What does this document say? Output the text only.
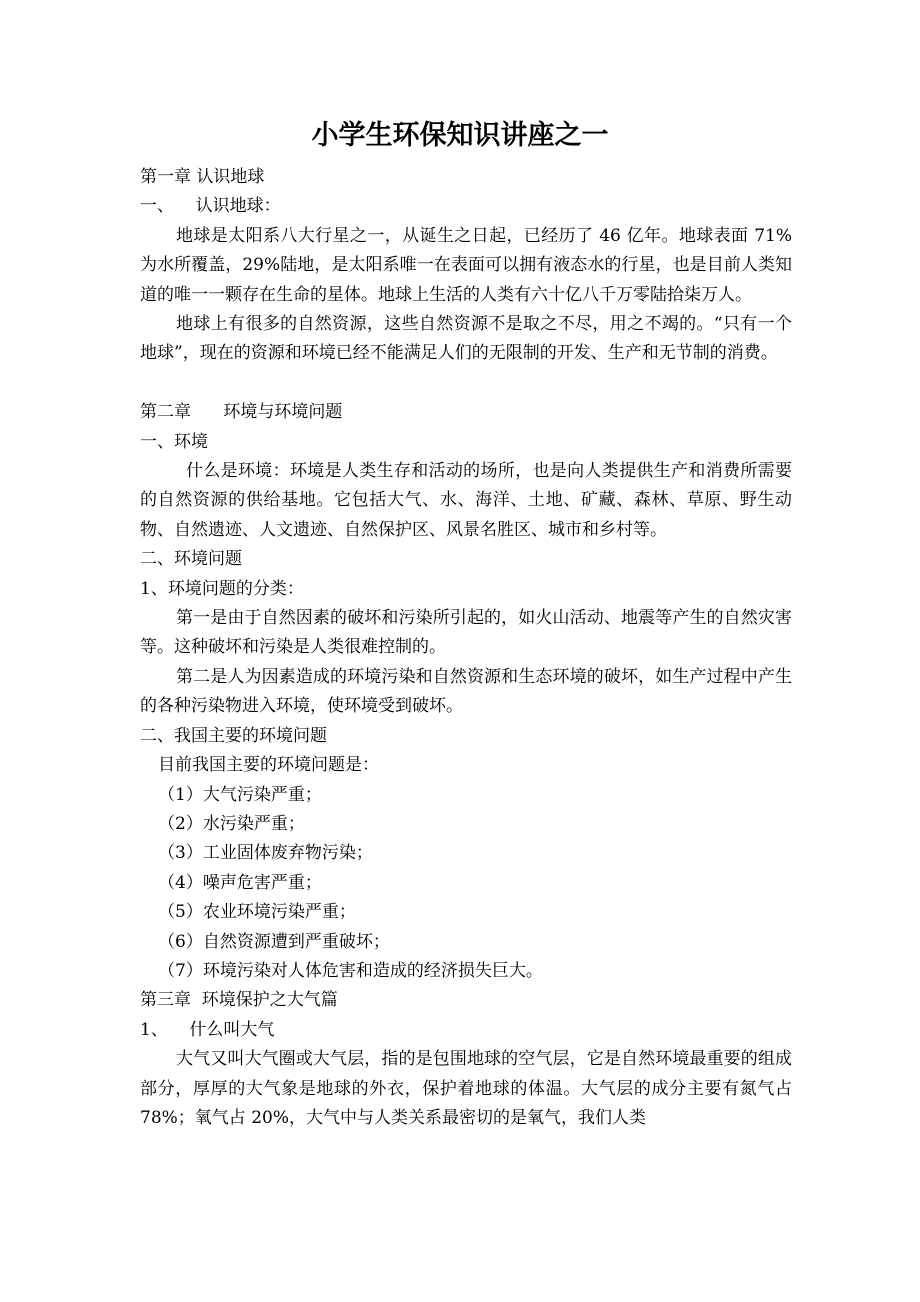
小学生环保知识讲座之一

第一章 认识地球

一、    认识地球：

地球是太阳系八大行星之一，从诞生之日起，已经历了 46 亿年。地球表面 71%为水所覆盖，29%陆地，是太阳系唯一在表面可以拥有液态水的行星，也是目前人类知道的唯一一颗存在生命的星体。地球上生活的人类有六十亿八千万零陆拾柒万人。

地球上有很多的自然资源，这些自然资源不是取之不尽，用之不竭的。“只有一个地球”，现在的资源和环境已经不能满足人们的无限制的开发、生产和无节制的消费。

第二章      环境与环境问题

一、环境

什么是环境：环境是人类生存和活动的场所，也是向人类提供生产和消费所需要的自然资源的供给基地。它包括大气、水、海洋、土地、矿藏、森林、草原、野生动物、自然遗迹、人文遗迹、自然保护区、风景名胜区、城市和乡村等。

二、环境问题

1、环境问题的分类：

第一是由于自然因素的破坏和污染所引起的，如火山活动、地震等产生的自然灾害等。这种破坏和污染是人类很难控制的。

第二是人为因素造成的环境污染和自然资源和生态环境的破坏，如生产过程中产生的各种污染物进入环境，使环境受到破坏。

二、我国主要的环境问题

目前我国主要的环境问题是：

（1）大气污染严重；

（2）水污染严重；

（3）工业固体废弃物污染；

（4）噪声危害严重；

（5）农业环境污染严重；

（6）自然资源遭到严重破坏；

（7）环境污染对人体危害和造成的经济损失巨大。

第三章  环境保护之大气篇

1、    什么叫大气

大气又叫大气圈或大气层，指的是包围地球的空气层，它是自然环境最重要的组成部分，厚厚的大气象是地球的外衣，保护着地球的体温。大气层的成分主要有氮气占 78%；氧气占 20%，大气中与人类关系最密切的是氧气，我们人类
